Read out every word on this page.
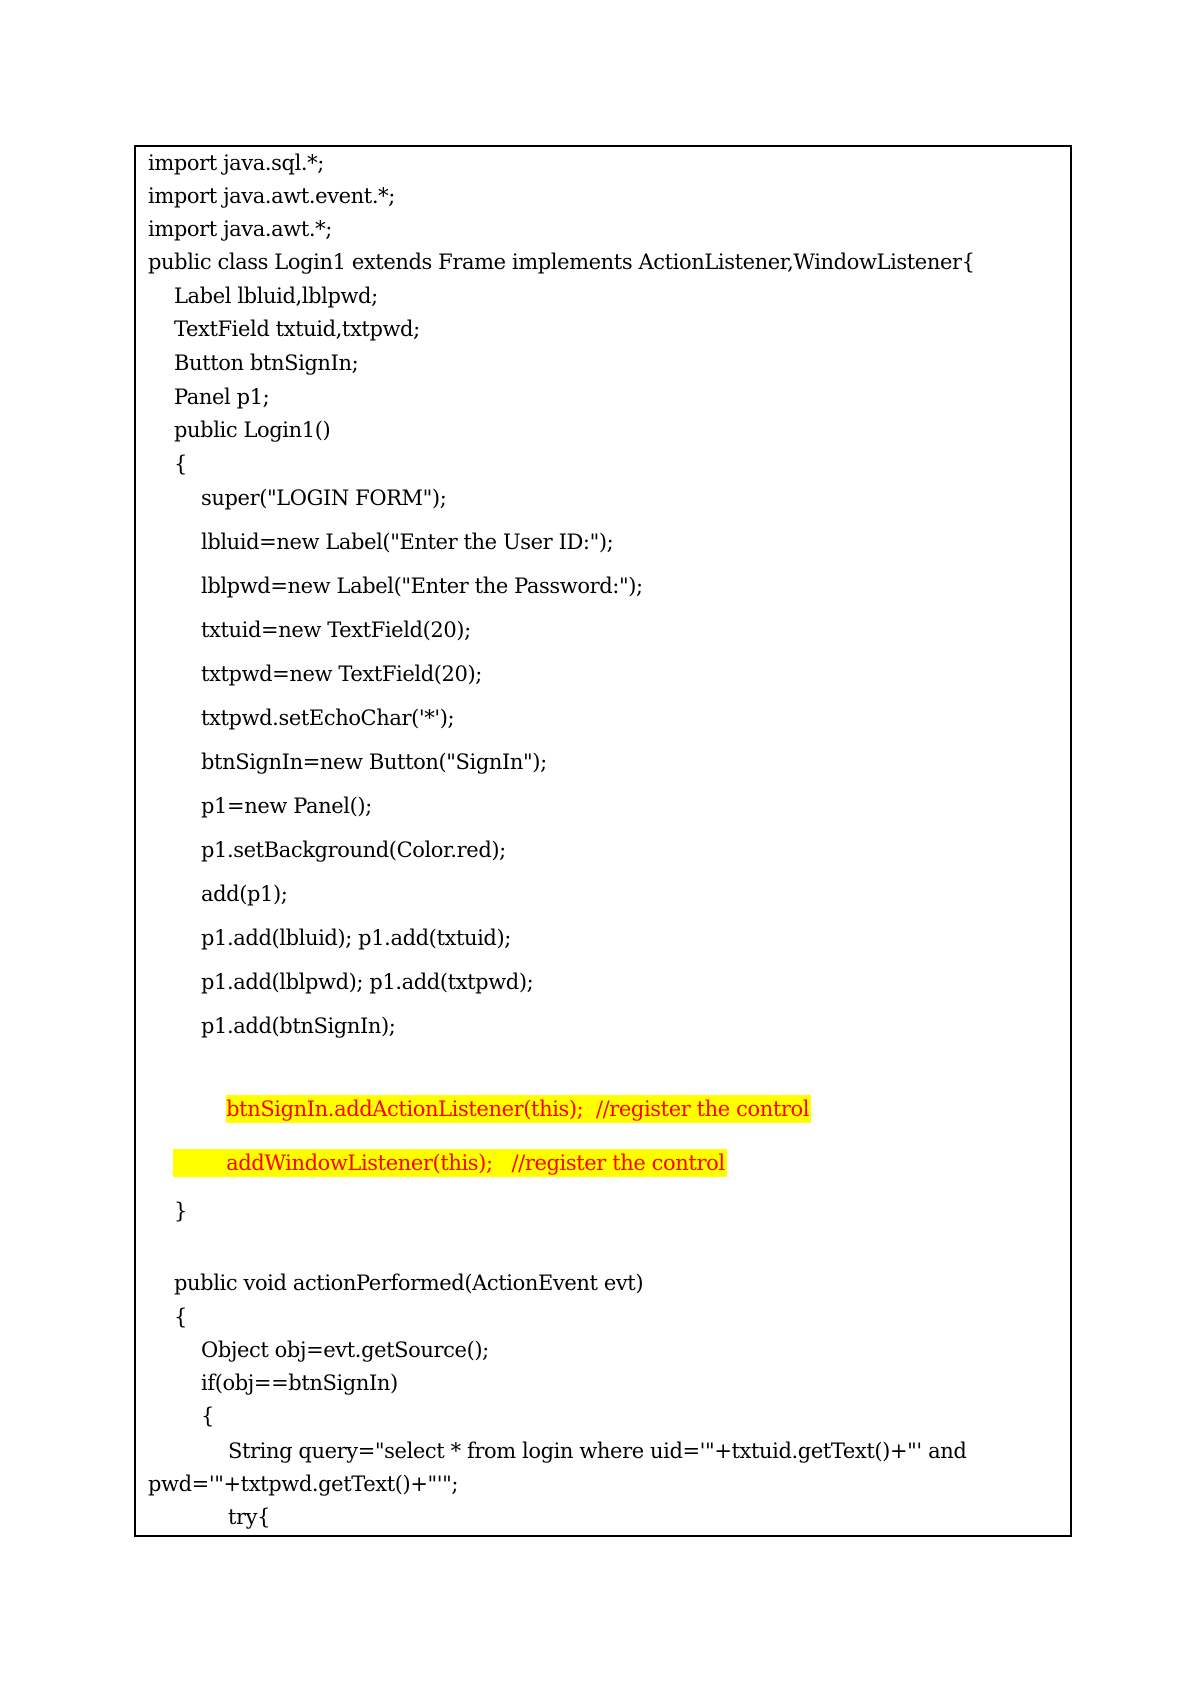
import java.sql.*;
import java.awt.event.*;
import java.awt.*;
public class Login1 extends Frame implements ActionListener,WindowListener{
Label lbluid,lblpwd;
TextField txtuid,txtpwd;
Button btnSignIn;
Panel p1;
public Login1()
{
super("LOGIN FORM");
lbluid=new Label("Enter the User ID:");
lblpwd=new Label("Enter the Password:");
txtuid=new TextField(20);
txtpwd=new TextField(20);
txtpwd.setEchoChar('*');
btnSignIn=new Button("SignIn");
p1=new Panel();
p1.setBackground(Color.red);
add(p1);
p1.add(lbluid); p1.add(txtuid);
p1.add(lblpwd); p1.add(txtpwd);
p1.add(btnSignIn);

btnSignIn.addActionListener(this);  //register the control

addWindowListener(this);   //register the control

}
public void actionPerformed(ActionEvent evt)
{
Object obj=evt.getSource();
if(obj==btnSignIn)
{
String query="select * from login where uid='"+txtuid.getText()+"' and
pwd='"+txtpwd.getText()+"'";
try{
